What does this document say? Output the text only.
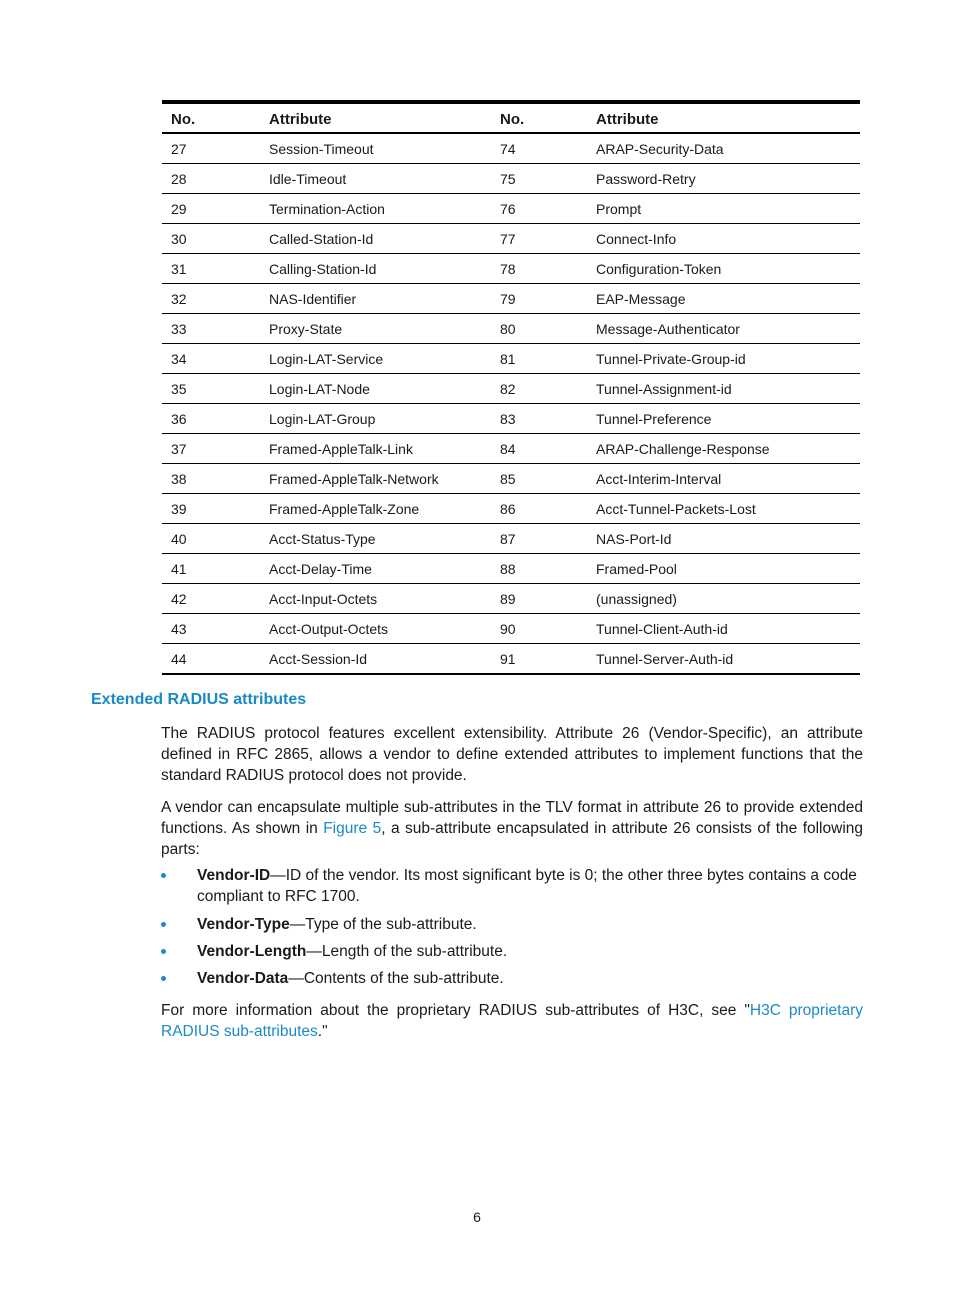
No.	Attribute	No.	Attribute
27	Session-Timeout	74	ARAP-Security-Data
28	Idle-Timeout	75	Password-Retry
29	Termination-Action	76	Prompt
30	Called-Station-Id	77	Connect-Info
31	Calling-Station-Id	78	Configuration-Token
32	NAS-Identifier	79	EAP-Message
33	Proxy-State	80	Message-Authenticator
34	Login-LAT-Service	81	Tunnel-Private-Group-id
35	Login-LAT-Node	82	Tunnel-Assignment-id
36	Login-LAT-Group	83	Tunnel-Preference
37	Framed-AppleTalk-Link	84	ARAP-Challenge-Response
38	Framed-AppleTalk-Network	85	Acct-Interim-Interval
39	Framed-AppleTalk-Zone	86	Acct-Tunnel-Packets-Lost
40	Acct-Status-Type	87	NAS-Port-Id
41	Acct-Delay-Time	88	Framed-Pool
42	Acct-Input-Octets	89	(unassigned)
43	Acct-Output-Octets	90	Tunnel-Client-Auth-id
44	Acct-Session-Id	91	Tunnel-Server-Auth-id
Extended RADIUS attributes

The RADIUS protocol features excellent extensibility. Attribute 26 (Vendor-Specific), an attribute defined in RFC 2865, allows a vendor to define extended attributes to implement functions that the standard RADIUS protocol does not provide.

A vendor can encapsulate multiple sub-attributes in the TLV format in attribute 26 to provide extended functions. As shown in Figure 5, a sub-attribute encapsulated in attribute 26 consists of the following parts:

Vendor-ID—ID of the vendor. Its most significant byte is 0; the other three bytes contains a code compliant to RFC 1700.
Vendor-Type—Type of the sub-attribute.
Vendor-Length—Length of the sub-attribute.
Vendor-Data—Contents of the sub-attribute.

For more information about the proprietary RADIUS sub-attributes of H3C, see "H3C proprietary RADIUS sub-attributes."

6
